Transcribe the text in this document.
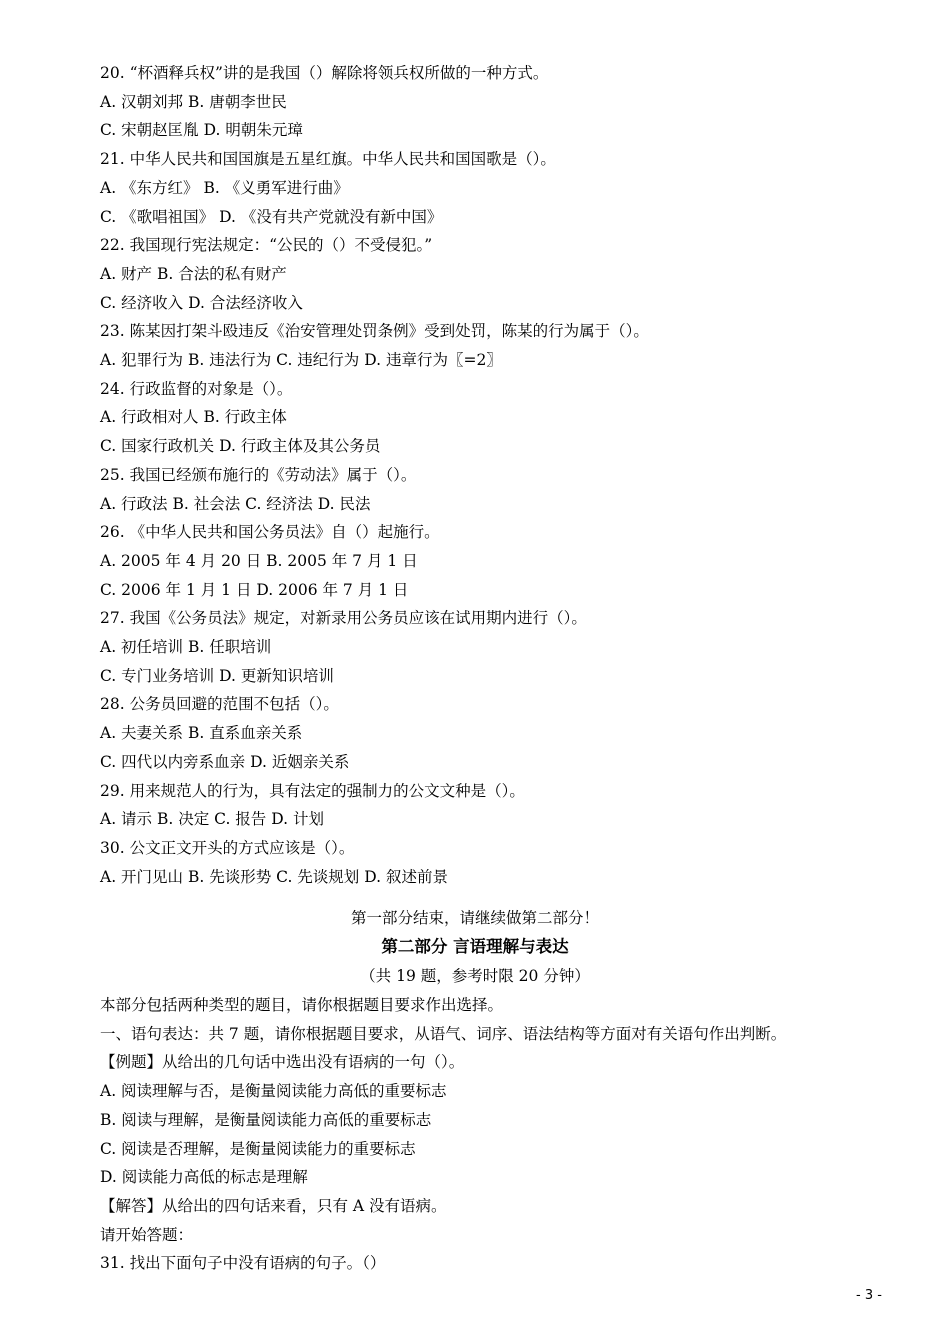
20. “杯酒释兵权”讲的是我国（）解除将领兵权所做的一种方式。
A. 汉朝刘邦 B. 唐朝李世民
C. 宋朝赵匡胤 D. 明朝朱元璋
21. 中华人民共和国国旗是五星红旗。中华人民共和国国歌是（）。
A. 《东方红》 B. 《义勇军进行曲》
C. 《歌唱祖国》 D. 《没有共产党就没有新中国》
22. 我国现行宪法规定：“公民的（）不受侵犯。”
A. 财产 B. 合法的私有财产
C. 经济收入 D. 合法经济收入
23. 陈某因打架斗殴违反《治安管理处罚条例》受到处罚，陈某的行为属于（）。
A. 犯罪行为 B. 违法行为 C. 违纪行为 D. 违章行为〖=2〗
24. 行政监督的对象是（）。
A. 行政相对人 B. 行政主体
C. 国家行政机关 D. 行政主体及其公务员
25. 我国已经颁布施行的《劳动法》属于（）。
A. 行政法 B. 社会法 C. 经济法 D. 民法
26. 《中华人民共和国公务员法》自（）起施行。
A. 2005 年 4 月 20 日 B. 2005 年 7 月 1 日
C. 2006 年 1 月 1 日 D. 2006 年 7 月 1 日
27. 我国《公务员法》规定，对新录用公务员应该在试用期内进行（）。
A. 初任培训 B. 任职培训
C. 专门业务培训 D. 更新知识培训
28. 公务员回避的范围不包括（）。
A. 夫妻关系 B. 直系血亲关系
C. 四代以内旁系血亲 D. 近姻亲关系
29. 用来规范人的行为，具有法定的强制力的公文文种是（）。
A. 请示 B. 决定 C. 报告 D. 计划
30. 公文正文开头的方式应该是（）。
A. 开门见山 B. 先谈形势 C. 先谈规划 D. 叙述前景
第一部分结束，请继续做第二部分！
第二部分 言语理解与表达
（共 19 题，参考时限 20 分钟）
本部分包括两种类型的题目，请你根据题目要求作出选择。
一、语句表达：共 7 题，请你根据题目要求，从语气、词序、语法结构等方面对有关语句作出判断。
【例题】从给出的几句话中选出没有语病的一句（）。
A. 阅读理解与否，是衡量阅读能力高低的重要标志
B. 阅读与理解，是衡量阅读能力高低的重要标志
C. 阅读是否理解，是衡量阅读能力的重要标志
D. 阅读能力高低的标志是理解
【解答】从给出的四句话来看，只有 A 没有语病。
请开始答题：
31. 找出下面句子中没有语病的句子。（）
- 3 -
